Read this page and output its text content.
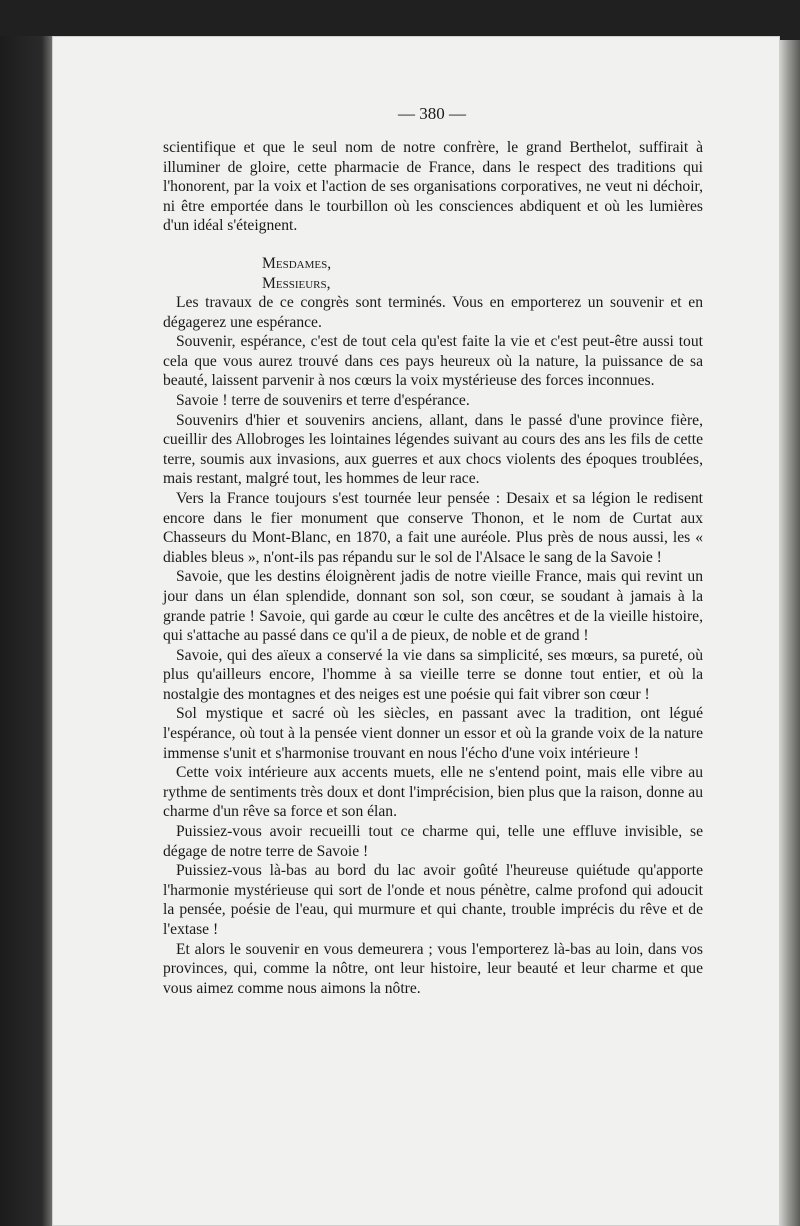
— 380 —

scientifique et que le seul nom de notre confrère, le grand Berthelot, suffirait à illuminer de gloire, cette pharmacie de France, dans le respect des traditions qui l'honorent, par la voix et l'action de ses organisations corporatives, ne veut ni déchoir, ni être emportée dans le tourbillon où les consciences abdiquent et où les lumières d'un idéal s'éteignent.

Mesdames,
Messieurs,

Les travaux de ce congrès sont terminés. Vous en emporterez un souvenir et en dégagerez une espérance.

Souvenir, espérance, c'est de tout cela qu'est faite la vie et c'est peut-être aussi tout cela que vous aurez trouvé dans ces pays heureux où la nature, la puissance de sa beauté, laissent parvenir à nos cœurs la voix mystérieuse des forces inconnues.

Savoie ! terre de souvenirs et terre d'espérance.

Souvenirs d'hier et souvenirs anciens, allant, dans le passé d'une province fière, cueillir des Allobroges les lointaines légendes suivant au cours des ans les fils de cette terre, soumis aux invasions, aux guerres et aux chocs violents des époques troublées, mais restant, malgré tout, les hommes de leur race.

Vers la France toujours s'est tournée leur pensée : Desaix et sa légion le redisent encore dans le fier monument que conserve Thonon, et le nom de Curtat aux Chasseurs du Mont-Blanc, en 1870, a fait une auréole. Plus près de nous aussi, les « diables bleus », n'ont-ils pas répandu sur le sol de l'Alsace le sang de la Savoie !

Savoie, que les destins éloignèrent jadis de notre vieille France, mais qui revint un jour dans un élan splendide, donnant son sol, son cœur, se soudant à jamais à la grande patrie ! Savoie, qui garde au cœur le culte des ancêtres et de la vieille histoire, qui s'attache au passé dans ce qu'il a de pieux, de noble et de grand !

Savoie, qui des aïeux a conservé la vie dans sa simplicité, ses mœurs, sa pureté, où plus qu'ailleurs encore, l'homme à sa vieille terre se donne tout entier, et où la nostalgie des montagnes et des neiges est une poésie qui fait vibrer son cœur !

Sol mystique et sacré où les siècles, en passant avec la tradition, ont légué l'espérance, où tout à la pensée vient donner un essor et où la grande voix de la nature immense s'unit et s'harmonise trouvant en nous l'écho d'une voix intérieure !

Cette voix intérieure aux accents muets, elle ne s'entend point, mais elle vibre au rythme de sentiments très doux et dont l'imprécision, bien plus que la raison, donne au charme d'un rêve sa force et son élan.

Puissiez-vous avoir recueilli tout ce charme qui, telle une effluve invisible, se dégage de notre terre de Savoie !

Puissiez-vous là-bas au bord du lac avoir goûté l'heureuse quiétude qu'apporte l'harmonie mystérieuse qui sort de l'onde et nous pénètre, calme profond qui adoucit la pensée, poésie de l'eau, qui murmure et qui chante, trouble imprécis du rêve et de l'extase !

Et alors le souvenir en vous demeurera ; vous l'emporterez là-bas au loin, dans vos provinces, qui, comme la nôtre, ont leur histoire, leur beauté et leur charme et que vous aimez comme nous aimons la nôtre.
